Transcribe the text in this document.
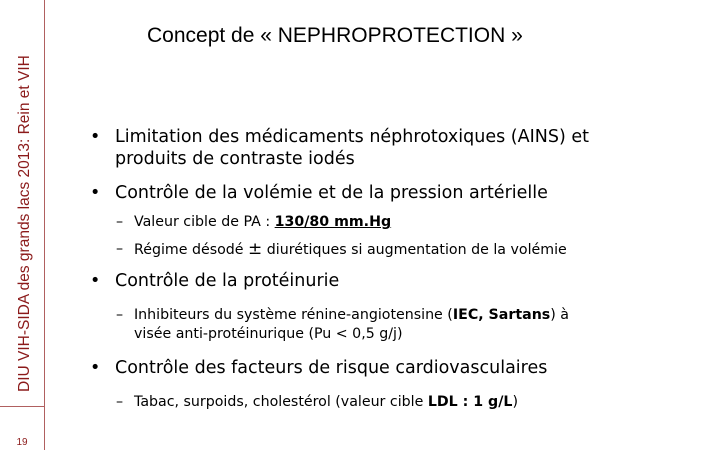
DIU VIH-SIDA des grands lacs 2013: Rein et VIH
19
Concept de « NEPHROPROTECTION »
• Limitation des médicaments néphrotoxiques (AINS) et
produits de contraste iodés
• Contrôle de la volémie et de la pression artérielle
– Valeur cible de PA : 130/80 mm.Hg
– Régime désodé ± diurétiques si augmentation de la volémie
• Contrôle de la protéinurie
– Inhibiteurs du système rénine-angiotensine (IEC, Sartans) à
visée anti-protéinurique (Pu < 0,5 g/j)
• Contrôle des facteurs de risque cardiovasculaires
– Tabac, surpoids, cholestérol (valeur cible LDL : 1 g/L)
